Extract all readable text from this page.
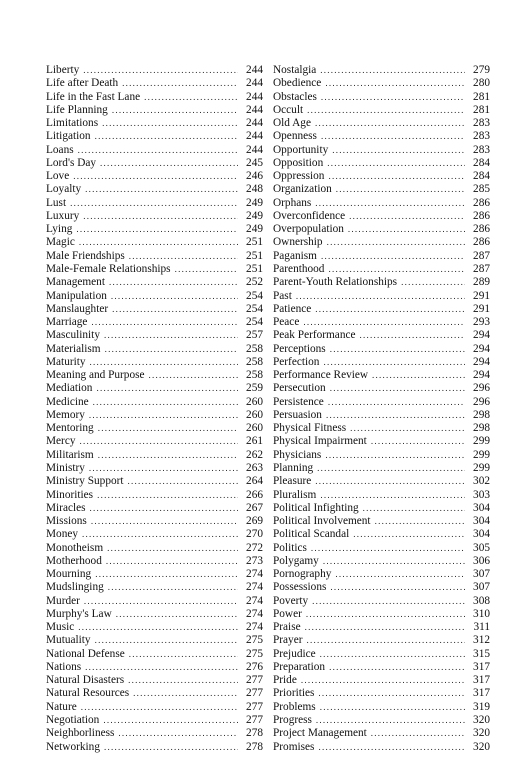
Liberty . . .	244
Life after Death . . .	244
Life in the Fast Lane . . .	244
Life Planning . . .	244
Limitations . . .	244
Litigation . . .	244
Loans . . .	244
Lord's Day . . .	245
Love . . .	246
Loyalty . . .	248
Lust . . .	249
Luxury . . .	249
Lying . . .	249
Magic . . .	251
Male Friendships . . .	251
Male-Female Relationships . . .	251
Management . . .	252
Manipulation . . .	254
Manslaughter . . .	254
Marriage . . .	254
Masculinity . . .	257
Materialism . . .	258
Maturity . . .	258
Meaning and Purpose . . .	258
Mediation . . .	259
Medicine . . .	260
Memory . . .	260
Mentoring . . .	260
Mercy . . .	261
Militarism . . .	262
Ministry . . .	263
Ministry Support . . .	264
Minorities . . .	266
Miracles . . .	267
Missions . . .	269
Money . . .	270
Monotheism . . .	272
Motherhood . . .	273
Mourning . . .	274
Mudslinging . . .	274
Murder . . .	274
Murphy's Law . . .	274
Music . . .	274
Mutuality . . .	275
National Defense . . .	275
Nations . . .	276
Natural Disasters . . .	277
Natural Resources . . .	277
Nature . . .	277
Negotiation . . .	277
Neighborliness . . .	278
Networking . . .	278
Nostalgia . . .	279
Obedience . . .	280
Obstacles . . .	281
Occult . . .	281
Old Age . . .	283
Openness . . .	283
Opportunity . . .	283
Opposition . . .	284
Oppression . . .	284
Organization . . .	285
Orphans . . .	286
Overconfidence . . .	286
Overpopulation . . .	286
Ownership . . .	286
Paganism . . .	287
Parenthood . . .	287
Parent-Youth Relationships . . .	289
Past . . .	291
Patience . . .	291
Peace . . .	293
Peak Performance . . .	294
Perceptions . . .	294
Perfection . . .	294
Performance Review . . .	294
Persecution . . .	296
Persistence . . .	296
Persuasion . . .	298
Physical Fitness . . .	298
Physical Impairment . . .	299
Physicians . . .	299
Planning . . .	299
Pleasure . . .	302
Pluralism . . .	303
Political Infighting . . .	304
Political Involvement . . .	304
Political Scandal . . .	304
Politics . . .	305
Polygamy . . .	306
Pornography . . .	307
Possessions . . .	307
Poverty . . .	308
Power . . .	310
Praise . . .	311
Prayer . . .	312
Prejudice . . .	315
Preparation . . .	317
Pride . . .	317
Priorities . . .	317
Problems . . .	319
Progress . . .	320
Project Management . . .	320
Promises . . .	320
